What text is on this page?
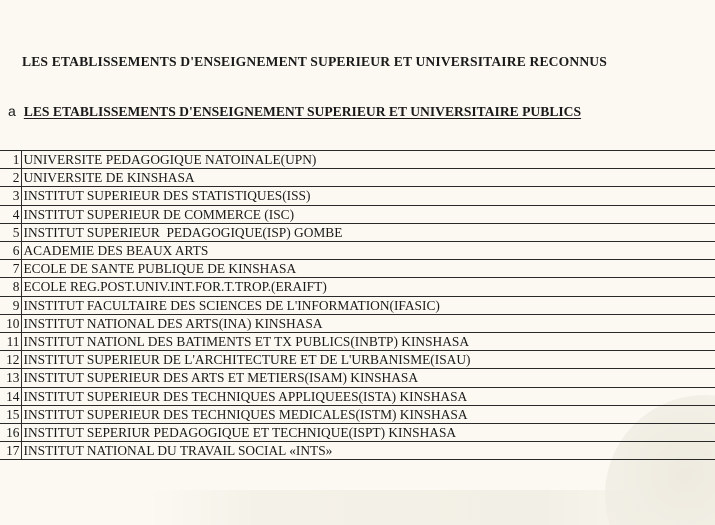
LES ETABLISSEMENTS D'ENSEIGNEMENT SUPERIEUR ET UNIVERSITAIRE RECONNUS
a LES ETABLISSEMENTS D'ENSEIGNEMENT SUPERIEUR ET UNIVERSITAIRE PUBLICS
1	UNIVERSITE PEDAGOGIQUE NATOINALE(UPN)
2	UNIVERSITE DE KINSHASA
3	INSTITUT SUPERIEUR DES STATISTIQUES(ISS)
4	INSTITUT SUPERIEUR DE COMMERCE (ISC)
5	INSTITUT SUPERIEUR  PEDAGOGIQUE(ISP) GOMBE
6	ACADEMIE DES BEAUX ARTS
7	ECOLE DE SANTE PUBLIQUE DE KINSHASA
8	ECOLE REG.POST.UNIV.INT.FOR.T.TROP.(ERAIFT)
9	INSTITUT FACULTAIRE DES SCIENCES DE L'INFORMATION(IFASIC)
10	INSTITUT NATIONAL DES ARTS(INA) KINSHASA
11	INSTITUT NATIONL DES BATIMENTS ET TX PUBLICS(INBTP) KINSHASA
12	INSTITUT SUPERIEUR DE L'ARCHITECTURE ET DE L'URBANISME(ISAU)
13	INSTITUT SUPERIEUR DES ARTS ET METIERS(ISAM) KINSHASA
14	INSTITUT SUPERIEUR DES TECHNIQUES APPLIQUEES(ISTA) KINSHASA
15	INSTITUT SUPERIEUR DES TECHNIQUES MEDICALES(ISTM) KINSHASA
16	INSTITUT SEPERIUR PEDAGOGIQUE ET TECHNIQUE(ISPT) KINSHASA
17	INSTITUT NATIONAL DU TRAVAIL SOCIAL «INTS»
